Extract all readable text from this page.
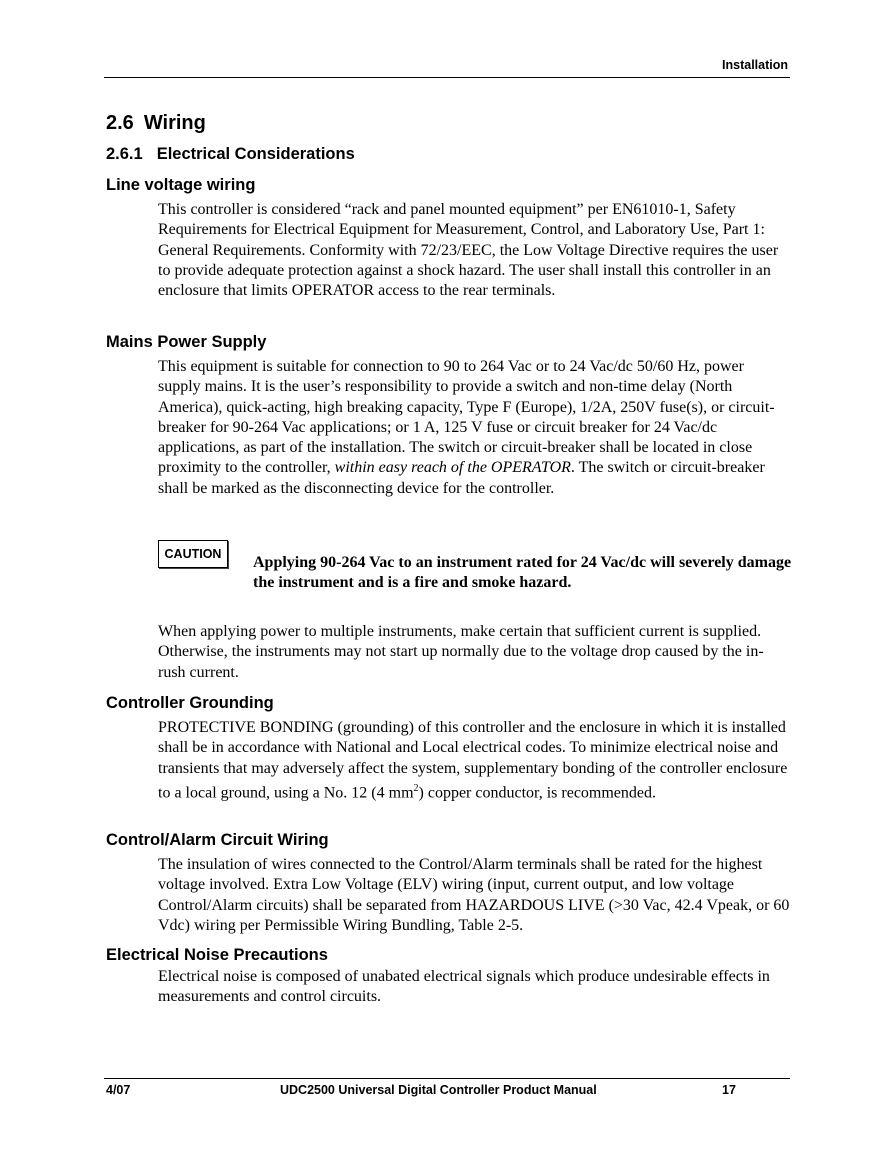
Installation
2.6 Wiring
2.6.1 Electrical Considerations
Line voltage wiring
This controller is considered “rack and panel mounted equipment” per EN61010-1, Safety Requirements for Electrical Equipment for Measurement, Control, and Laboratory Use, Part 1: General Requirements. Conformity with 72/23/EEC, the Low Voltage Directive requires the user to provide adequate protection against a shock hazard. The user shall install this controller in an enclosure that limits OPERATOR access to the rear terminals.
Mains Power Supply
This equipment is suitable for connection to 90 to 264 Vac or to 24 Vac/dc 50/60 Hz, power supply mains. It is the user’s responsibility to provide a switch and non-time delay (North America), quick-acting, high breaking capacity, Type F (Europe), 1/2A, 250V fuse(s), or circuit-breaker for 90-264 Vac applications; or 1 A, 125 V fuse or circuit breaker for 24 Vac/dc applications, as part of the installation. The switch or circuit-breaker shall be located in close proximity to the controller, within easy reach of the OPERATOR. The switch or circuit-breaker shall be marked as the disconnecting device for the controller.
CAUTION	Applying 90-264 Vac to an instrument rated for 24 Vac/dc will severely damage the instrument and is a fire and smoke hazard.
When applying power to multiple instruments, make certain that sufficient current is supplied. Otherwise, the instruments may not start up normally due to the voltage drop caused by the in-rush current.
Controller Grounding
PROTECTIVE BONDING (grounding) of this controller and the enclosure in which it is installed shall be in accordance with National and Local electrical codes. To minimize electrical noise and transients that may adversely affect the system, supplementary bonding of the controller enclosure to a local ground, using a No. 12 (4 $mm^2$) copper conductor, is recommended.
Control/Alarm Circuit Wiring
The insulation of wires connected to the Control/Alarm terminals shall be rated for the highest voltage involved. Extra Low Voltage (ELV) wiring (input, current output, and low voltage Control/Alarm circuits) shall be separated from HAZARDOUS LIVE (>30 Vac, 42.4 Vpeak, or 60 Vdc) wiring per Permissible Wiring Bundling, Table 2-5.
Electrical Noise Precautions
Electrical noise is composed of unabated electrical signals which produce undesirable effects in measurements and control circuits.
4/07	UDC2500 Universal Digital Controller Product Manual	17
